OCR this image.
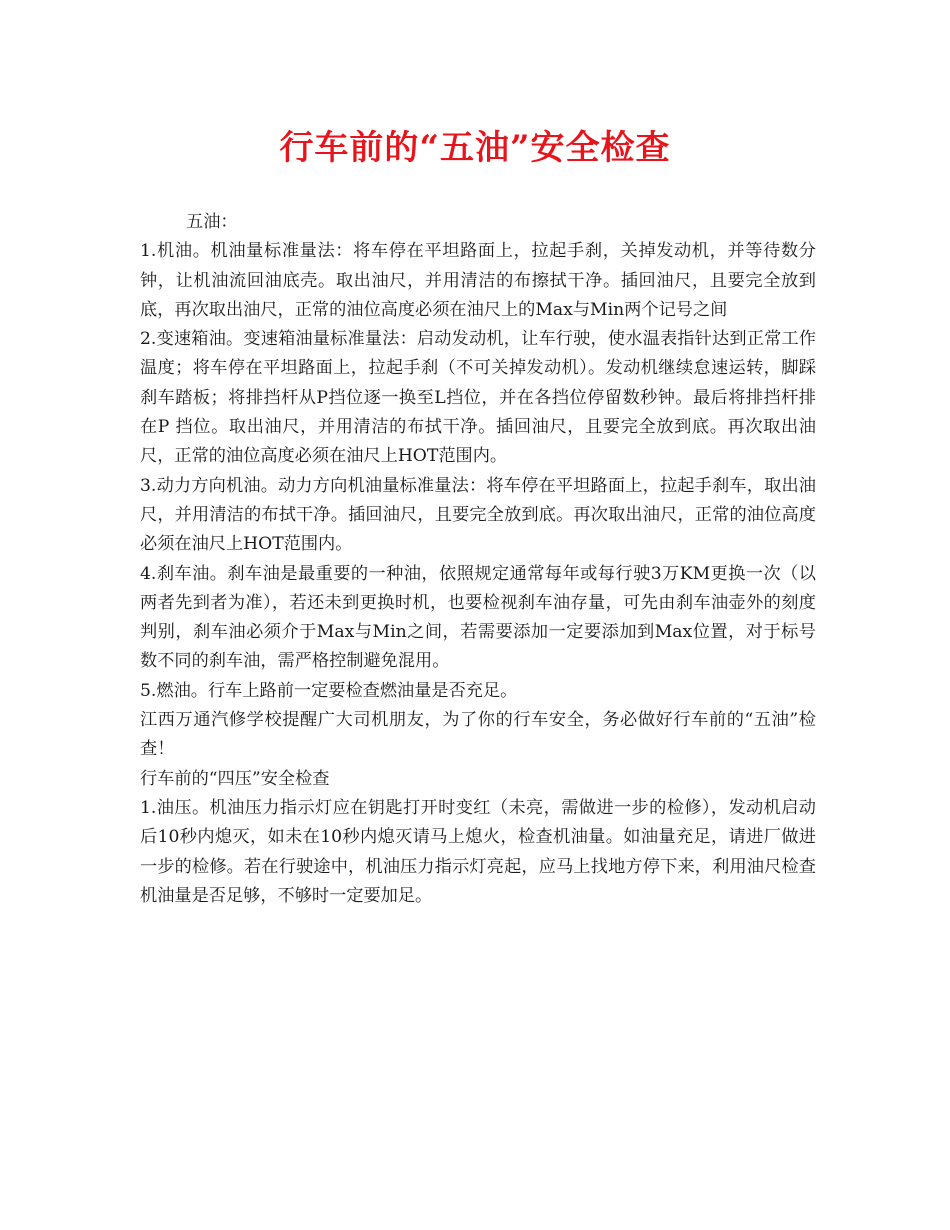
行车前的“五油”安全检查

五油：

1.机油。机油量标准量法：将车停在平坦路面上，拉起手刹，关掉发动机，并等待数分钟，让机油流回油底壳。取出油尺，并用清洁的布擦拭干净。插回油尺，且要完全放到底，再次取出油尺，正常的油位高度必须在油尺上的Max与Min两个记号之间

2.变速箱油。变速箱油量标准量法：启动发动机，让车行驶，使水温表指针达到正常工作温度；将车停在平坦路面上，拉起手刹（不可关掉发动机）。发动机继续怠速运转，脚踩刹车踏板；将排挡杆从P挡位逐一换至L挡位，并在各挡位停留数秒钟。最后将排挡杆排在P 挡位。取出油尺，并用清洁的布拭干净。插回油尺，且要完全放到底。再次取出油尺，正常的油位高度必须在油尺上HOT范围内。

3.动力方向机油。动力方向机油量标准量法：将车停在平坦路面上，拉起手刹车，取出油尺，并用清洁的布拭干净。插回油尺，且要完全放到底。再次取出油尺，正常的油位高度必须在油尺上HOT范围内。

4.刹车油。刹车油是最重要的一种油，依照规定通常每年或每行驶3万KM更换一次（以两者先到者为准），若还未到更换时机，也要检视刹车油存量，可先由刹车油壶外的刻度判别，刹车油必须介于Max与Min之间，若需要添加一定要添加到Max位置，对于标号数不同的刹车油，需严格控制避免混用。

5.燃油。行车上路前一定要检查燃油量是否充足。

江西万通汽修学校提醒广大司机朋友，为了你的行车安全，务必做好行车前的“五油”检查！

行车前的“四压”安全检查

1.油压。机油压力指示灯应在钥匙打开时变红（未亮，需做进一步的检修），发动机启动后10秒内熄灭，如未在10秒内熄灭请马上熄火，检查机油量。如油量充足，请进厂做进一步的检修。若在行驶途中，机油压力指示灯亮起，应马上找地方停下来，利用油尺检查机油量是否足够，不够时一定要加足。
